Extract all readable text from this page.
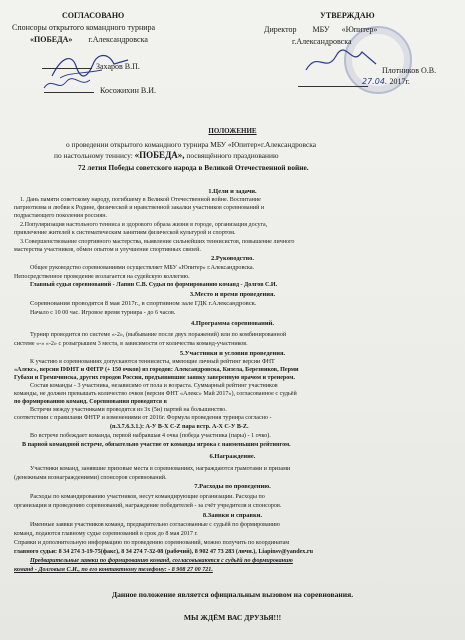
СОГЛАСОВАНО
Спонсоры открытого командного турнира
«ПОБЕДА» г.Александровска
Захаров В.П.
Косожихин В.И.
УТВЕРЖДАЮ
Директор МБУ «Юпитер»
г.Александровска
Плотников О.В.
27.04. 2017г.
ПОЛОЖЕНИЕ
о проведении открытого командного турнира МБУ «Юпитер»г.Александровска
по настольному теннису: «ПОБЕДА», посвящённого празднованию
72 летия Победы советского народа в Великой Отечественной войне.
1.Цели и задачи.
1. Дань памяти советскому народу, погибшему в Великой Отечественной войне. Воспитание
патриотизма и любви к Родине, физической и нравственной закалки участников соревнований и
подрастающего поколения россиян.
2.Популяризация настольного тенниса и здорового образа жизни в городе, организация досуга,
привлечение жителей к систематическим занятиям физической культурой и спортом.
3.Совершенствование спортивного мастерства, выявление сильнейших теннисистов, повышение личного
мастерства участников, обмен опытом и улучшение спортивных связей.
2.Руководство.
Общее руководство соревнованиями осуществляет МБУ «Юпитер» г.Александровска.
Непосредственное проведение возлагается на судейскую коллегию.
Главный судья соревнований - Лапин С.В. Судья по формированию команд - Долгов С.И.
3.Место и время проведения.
Соревнования проводятся 8 мая 2017г., в спортивном зале ГДК г.Александровск.
Начало с 10 00 час. Игровое время турнира - до 6 часов.
4.Программа соревнований.
Турнир проводится по системе «-2», (выбывание после двух поражений) или по комбинированной
системе «-» «-2» с розыгрышем 3 места, в зависимости от количества команд-участников.
5.Участники и условия проведения.
К участию в соревнованиях допускаются теннисисты, имеющие личный рейтинг версии ФНТ
«Алекс», версии ПФНТ и ФНТР (+ 150 очков) из городов: Александровска, Кизела, Березников, Перми
Губахи и Гремячинска, других городов России, предъявившие заявку заверенную врачом и тренером.
Состав команды - 3 участника, независимо от пола и возраста. Суммарный рейтинг участников
команды, не должен превышать количество очков (версия ФНТ «Алекс» Май 2017»), согласованное с судьёй
по формированию команд. Соревнования проводятся в
Встречи между участниками проводятся из 3х (5и) партий на большинство.
соответствии с правилами ФНТР и изменениями от 2016г. Формула проведения турнира согласно -
(п.3.7.6.3.1.): А-У В-Х С-Z пара встр. А-Х С-У В-Z.
Во встрече побеждает команда, первой набравшая 4 очка (победа участника (пары) - 1 очко).
В парной командной встрече, обязательно участие от команды игрока с наименьшим рейтингом.
6.Награждение.
Участники команд, занявшие призовые места в соревнованиях, награждаются грамотами и призами
(денежными вознаграждениями) спонсоров соревнований.
7.Расходы по проведению.
Расходы по командированию участников, несут командирующие организации. Расходы по
организации и проведению соревнований, награждение победителей - за счёт учредителя и спонсоров.
8.Заявки и справки.
Именные заявки участников команд, предварительно согласованные с судьёй по формированию
команд, подаются главному судье соревнований в срок до 8 мая 2017 г.
Справки и дополнительную информацию по проведению соревнований, можно получить по координатам
главного судьи: 8 34 274 3-19-75(факс), 8 34 274 7-32-08 (рабочий), 8 902 47 73 283 (личн.), Liapinsv@yandex.ru
Предварительные заявки по формированию команд, согласовываются с судьёй по формированию
команд - Долговым С.И., по его контактному телефону: - 8 908 27 00 721.
Данное положение является официальным вызовом на соревнования.
МЫ ЖДЁМ ВАС ДРУЗЬЯ!!!
